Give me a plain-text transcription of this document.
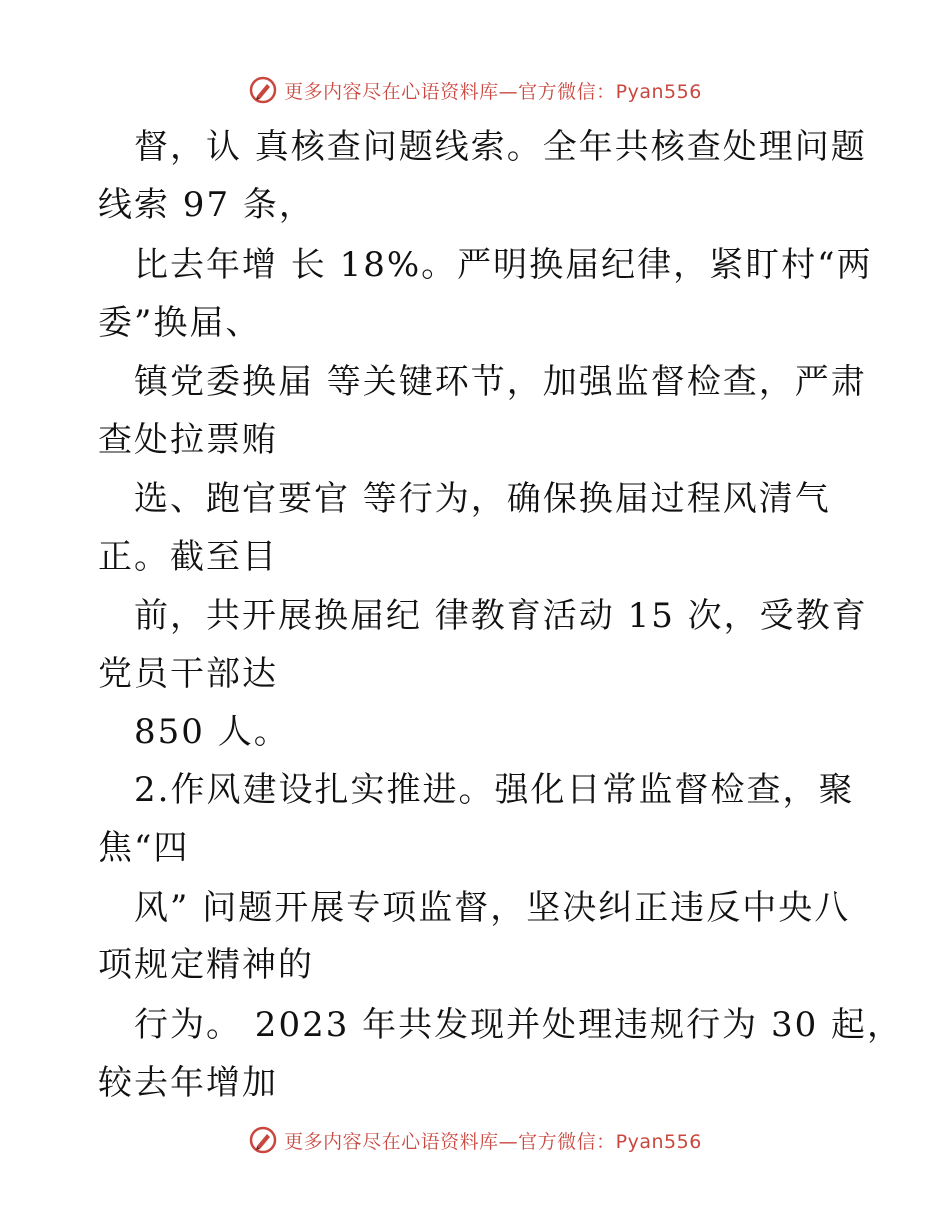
更多内容尽在心语资料库—官方微信：Pyan556
督，认 真核查问题线索。全年共核查处理问题
线索 97 条，
比去年增 长 18%。严明换届纪律，紧盯村“两
委”换届、
镇党委换届 等关键环节，加强监督检查，严肃
查处拉票贿
选、跑官要官 等行为，确保换届过程风清气
正。截至目
前，共开展换届纪 律教育活动 15 次，受教育
党员干部达
850 人。
2.作风建设扎实推进。强化日常监督检查，聚
焦“四
风” 问题开展专项监督，坚决纠正违反中央八
项规定精神的
行为。 2023 年共发现并处理违规行为 30 起，
较去年增加
更多内容尽在心语资料库—官方微信：Pyan556
